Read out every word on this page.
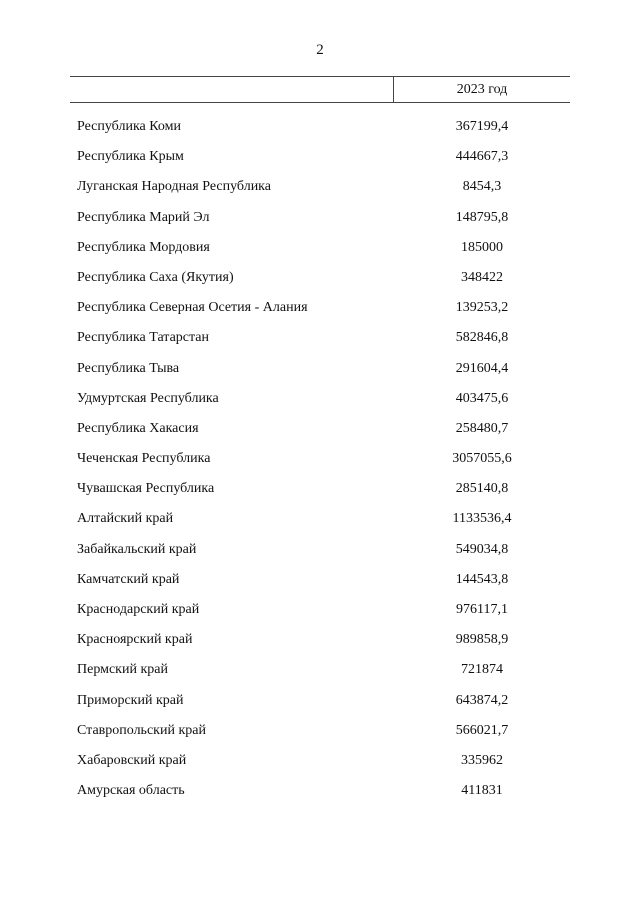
2
2023 год
Республика Коми	367199,4
Республика Крым	444667,3
Луганская Народная Республика	8454,3
Республика Марий Эл	148795,8
Республика Мордовия	185000
Республика Саха (Якутия)	348422
Республика Северная Осетия - Алания	139253,2
Республика Татарстан	582846,8
Республика Тыва	291604,4
Удмуртская Республика	403475,6
Республика Хакасия	258480,7
Чеченская Республика	3057055,6
Чувашская Республика	285140,8
Алтайский край	1133536,4
Забайкальский край	549034,8
Камчатский край	144543,8
Краснодарский край	976117,1
Красноярский край	989858,9
Пермский край	721874
Приморский край	643874,2
Ставропольский край	566021,7
Хабаровский край	335962
Амурская область	411831
